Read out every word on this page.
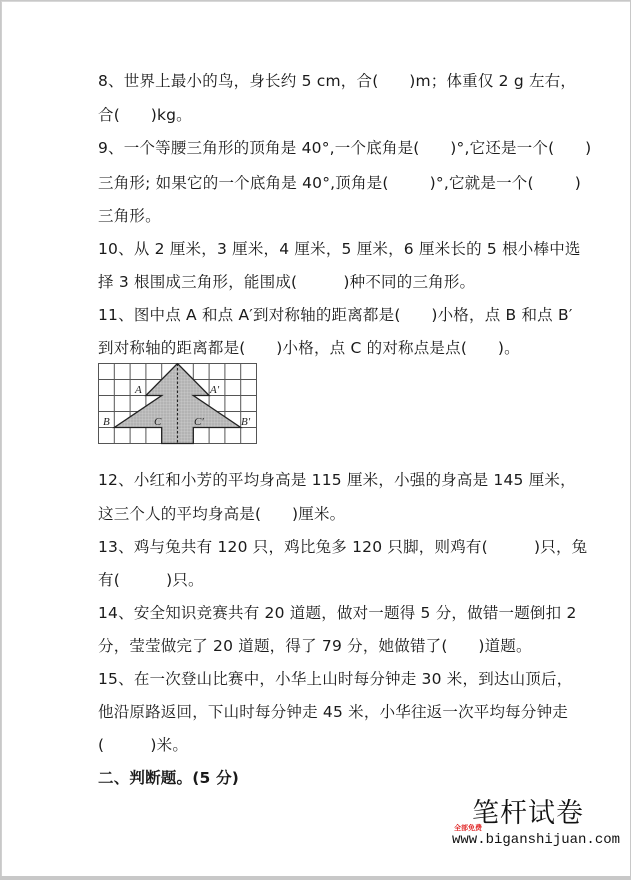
8、世界上最小的鸟，身长约 5 cm，合(      )m；体重仅 2 g 左右，
合(      )kg。
9、一个等腰三角形的顶角是 40°,一个底角是(      )°,它还是一个(      )
三角形; 如果它的一个底角是 40°,顶角是(        )°,它就是一个(        )
三角形。
10、从 2 厘米，3 厘米，4 厘米，5 厘米，6 厘米长的 5 根小棒中选
择 3 根围成三角形，能围成(         )种不同的三角形。
11、图中点 A 和点 A′到对称轴的距离都是(      )小格，点 B 和点 B′
到对称轴的距离都是(      )小格，点 C 的对称点是点(      )。
A	A′
B	B′
C	C′
12、小红和小芳的平均身高是 115 厘米，小强的身高是 145 厘米，
这三个人的平均身高是(      )厘米。
13、鸡与兔共有 120 只，鸡比兔多 120 只脚，则鸡有(         )只，兔
有(         )只。
14、安全知识竞赛共有 20 道题，做对一题得 5 分，做错一题倒扣 2
分，莹莹做完了 20 道题，得了 79 分，她做错了(      )道题。
15、在一次登山比赛中，小华上山时每分钟走 30 米，到达山顶后，
他沿原路返回，下山时每分钟走 45 米，小华往返一次平均每分钟走
(         )米。
二、判断题。(5 分)
笔杆试卷
全部免费
www.biganshijuan.com
